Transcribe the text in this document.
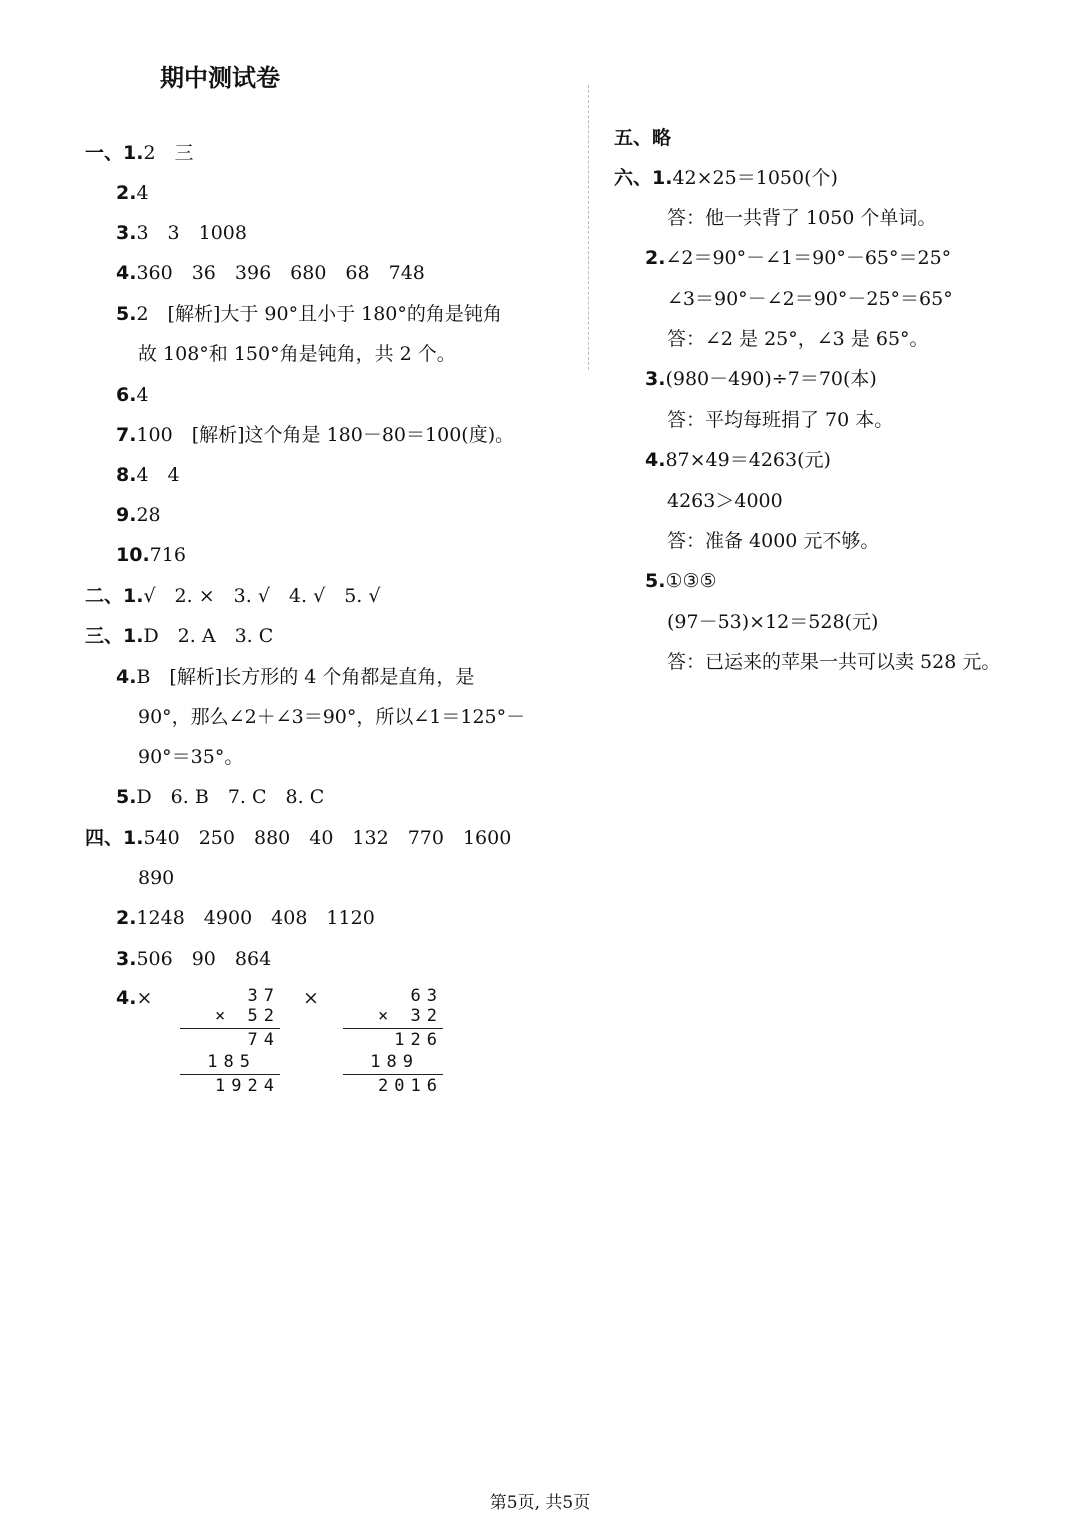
期中测试卷
一、1.2　三
2.4
3.3　3　1008
4.360　36　396　680　68　748
5.2　[解析]大于 90°且小于 180°的角是钝角
故 108°和 150°角是钝角，共 2 个。
6.4
7.100　[解析]这个角是 180－80＝100(度)。
8.4　4
9.28
10.716
二、1.√　2. ×　3. √　4. √　5. √
三、1.D　2. A　3. C
4.B　[解析]长方形的 4 个角都是直角，是
90°，那么∠2＋∠3＝90°，所以∠1＝125°－
90°＝35°。
5.D　6. B　7. C　8. C
四、1.540　250　880　40　132　770　1600
890
2.1248　4900　408　1120
3.506　90　864
4.×	37
× 52
74
185
1924
×	63
× 32
126
189
2016
五、略
六、1.42×25＝1050(个)
答：他一共背了 1050 个单词。
2.∠2＝90°－∠1＝90°－65°＝25°
∠3＝90°－∠2＝90°－25°＝65°
答：∠2 是 25°，∠3 是 65°。
3.(980－490)÷7＝70(本)
答：平均每班捐了 70 本。
4.87×49＝4263(元)
4263＞4000
答：准备 4000 元不够。
5.①③⑤
(97－53)×12＝528(元)
答：已运来的苹果一共可以卖 528 元。
第5页, 共5页
